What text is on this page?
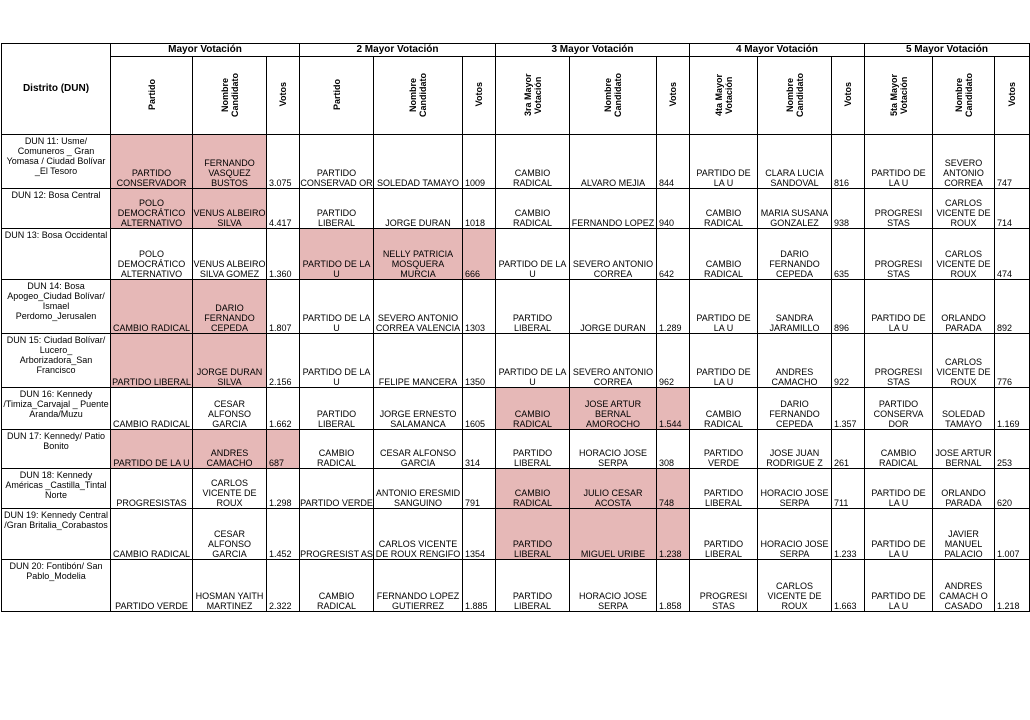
Distrito (DUN)	Mayor Votación			2 Mayor Votación			3 Mayor Votación			4 Mayor Votación			5 Mayor Votación		
	Partido	Nombre Candidato	Votos	Partido	Nombre Candidato	Votos	3ra Mayor Votación	Nombre Candidato	Votos	4ta Mayor Votación	Nombre Candidato	Votos	5ta Mayor Votación	Nombre Candidato	Votos
DUN 11: Usme/ Comuneros _ Gran Yomasa / Ciudad Bolívar _El Tesoro	PARTIDO CONSERVADOR	FERNANDO VASQUEZ BUSTOS	3.075	PARTIDO CONSERVAD OR	SOLEDAD TAMAYO	1009	CAMBIO RADICAL	ALVARO MEJIA	844	PARTIDO DE LA U	CLARA LUCIA SANDOVAL	816	PARTIDO DE LA U	SEVERO ANTONIO CORREA	747
DUN 12: Bosa Central	POLO DEMOCRÁTICO ALTERNATIVO	VENUS ALBEIRO SILVA	4.417	PARTIDO LIBERAL	JORGE DURAN	1018	CAMBIO RADICAL	FERNANDO LOPEZ	940	CAMBIO RADICAL	MARIA SUSANA GONZALEZ	938	PROGRESI STAS	CARLOS VICENTE DE ROUX	714
DUN 13: Bosa Occidental	POLO DEMOCRÁTICO ALTERNATIVO	VENUS ALBEIRO SILVA GOMEZ	1.360	PARTIDO DE LA U	NELLY PATRICIA MOSQUERA MURCIA	666	PARTIDO DE LA U	SEVERO ANTONIO CORREA	642	CAMBIO RADICAL	DARIO FERNANDO CEPEDA	635	PROGRESI STAS	CARLOS VICENTE DE ROUX	474
DUN 14: Bosa Apogeo_Ciudad Bolívar/ Ismael Perdomo_Jerusalen	CAMBIO RADICAL	DARIO FERNANDO CEPEDA	1.807	PARTIDO DE LA U	SEVERO ANTONIO CORREA VALENCIA	1303	PARTIDO LIBERAL	JORGE DURAN	1.289	PARTIDO DE LA U	SANDRA JARAMILLO	896	PARTIDO DE LA U	ORLANDO PARADA	892
DUN 15: Ciudad Bolívar/ Lucero_ Arborizadora_San Francisco	PARTIDO LIBERAL	JORGE DURAN SILVA	2.156	PARTIDO DE LA U	FELIPE MANCERA	1350	PARTIDO DE LA U	SEVERO ANTONIO CORREA	962	PARTIDO DE LA U	ANDRES CAMACHO	922	PROGRESI STAS	CARLOS VICENTE DE ROUX	776
DUN 16: Kennedy /Timiza_Carvajal _ Puente Aranda/Muzu	CAMBIO RADICAL	CESAR ALFONSO GARCIA	1.662	PARTIDO LIBERAL	JORGE ERNESTO SALAMANCA	1605	CAMBIO RADICAL	JOSE ARTUR BERNAL AMOROCHO	1.544	CAMBIO RADICAL	DARIO FERNANDO CEPEDA	1.357	PARTIDO CONSERVA DOR	SOLEDAD TAMAYO	1.169
DUN 17: Kennedy/ Patio Bonito	PARTIDO DE LA U	ANDRES CAMACHO	687	CAMBIO RADICAL	CESAR ALFONSO GARCIA	314	PARTIDO LIBERAL	HORACIO JOSE SERPA	308	PARTIDO VERDE	JOSE JUAN RODRIGUE Z	261	CAMBIO RADICAL	JOSE ARTUR BERNAL	253
DUN 18: Kennedy Américas _Castilla_Tintal Norte	PROGRESISTAS	CARLOS VICENTE DE ROUX	1.298	PARTIDO VERDE	ANTONIO ERESMID SANGUINO	791	CAMBIO RADICAL	JULIO CESAR ACOSTA	748	PARTIDO LIBERAL	HORACIO JOSE SERPA	711	PARTIDO DE LA U	ORLANDO PARADA	620
DUN 19: Kennedy Central /Gran Britalia_Corabastos	CAMBIO RADICAL	CESAR ALFONSO GARCIA	1.452	PROGRESIST AS	CARLOS VICENTE DE ROUX RENGIFO	1354	PARTIDO LIBERAL	MIGUEL URIBE	1.238	PARTIDO LIBERAL	HORACIO JOSE SERPA	1.233	PARTIDO DE LA U	JAVIER MANUEL PALACIO	1.007
DUN 20: Fontibón/ San Pablo_Modelia	PARTIDO VERDE	HOSMAN YAITH MARTINEZ	2.322	CAMBIO RADICAL	FERNANDO LOPEZ GUTIERREZ	1.885	PARTIDO LIBERAL	HORACIO JOSE SERPA	1.858	PROGRESI STAS	CARLOS VICENTE DE ROUX	1.663	PARTIDO DE LA U	ANDRES CAMACH O CASADO	1.218
